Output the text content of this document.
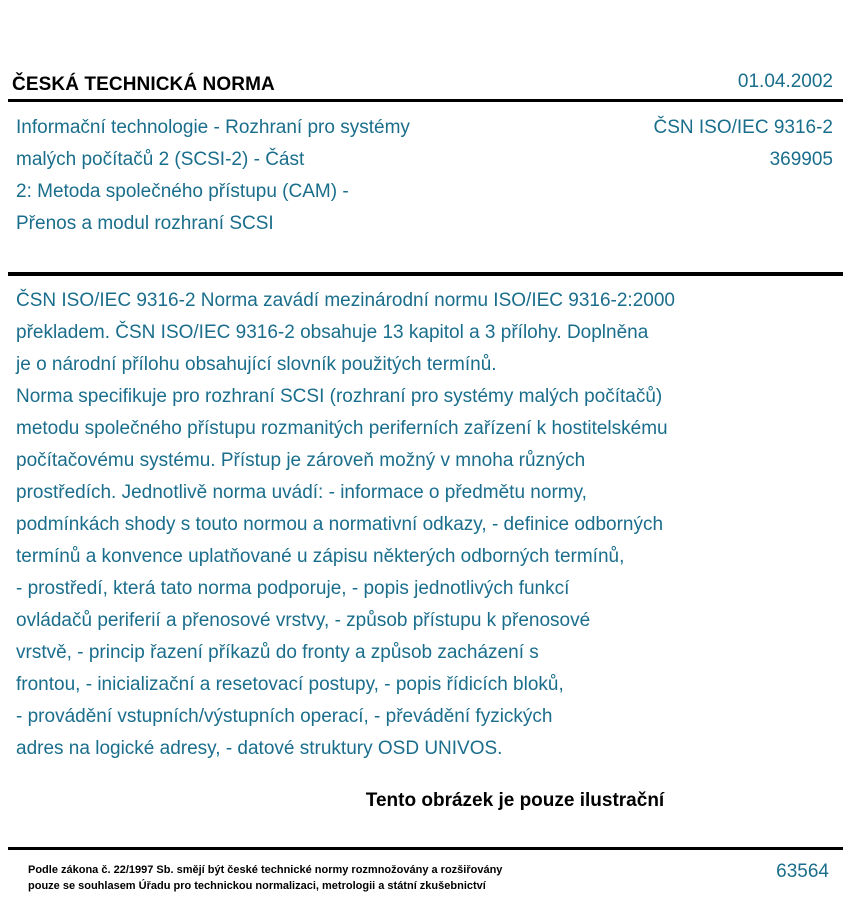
ČESKÁ TECHNICKÁ NORMA	01.04.2002
Informační technologie - Rozhraní pro systémy
malých počítačů 2 (SCSI-2) - Část
2: Metoda společného přístupu (CAM) -
Přenos a modul rozhraní SCSI
ČSN ISO/IEC 9316-2
369905

ČSN ISO/IEC 9316-2 Norma zavádí mezinárodní normu ISO/IEC 9316-2:2000

překladem. ČSN ISO/IEC 9316-2 obsahuje 13 kapitol a 3 přílohy. Doplněna

je o národní přílohu obsahující slovník použitých termínů.

Norma specifikuje pro rozhraní SCSI (rozhraní pro systémy malých počítačů)

metodu společného přístupu rozmanitých periferních zařízení k hostitelskému

počítačovému systému. Přístup je zároveň možný v mnoha různých

prostředích. Jednotlivě norma uvádí: - informace o předmětu normy,

podmínkách shody s touto normou a normativní odkazy, - definice odborných

termínů a konvence uplatňované u zápisu některých odborných termínů,

- prostředí, která tato norma podporuje, - popis jednotlivých funkcí

ovládačů periferií a přenosové vrstvy, - způsob přístupu k přenosové

vrstvě, - princip řazení příkazů do fronty a způsob zacházení s

frontou, - inicializační a resetovací postupy, - popis řídicích bloků,

- provádění vstupních/výstupních operací, - převádění fyzických

adres na logické adresy, - datové struktury OSD UNIVOS.

Tento obrázek je pouze ilustrační
Podle zákona č. 22/1997 Sb. smějí být české technické normy rozmnožovány a rozšiřovány
pouze se souhlasem Úřadu pro technickou normalizaci, metrologii a státní zkušebnictví
63564
